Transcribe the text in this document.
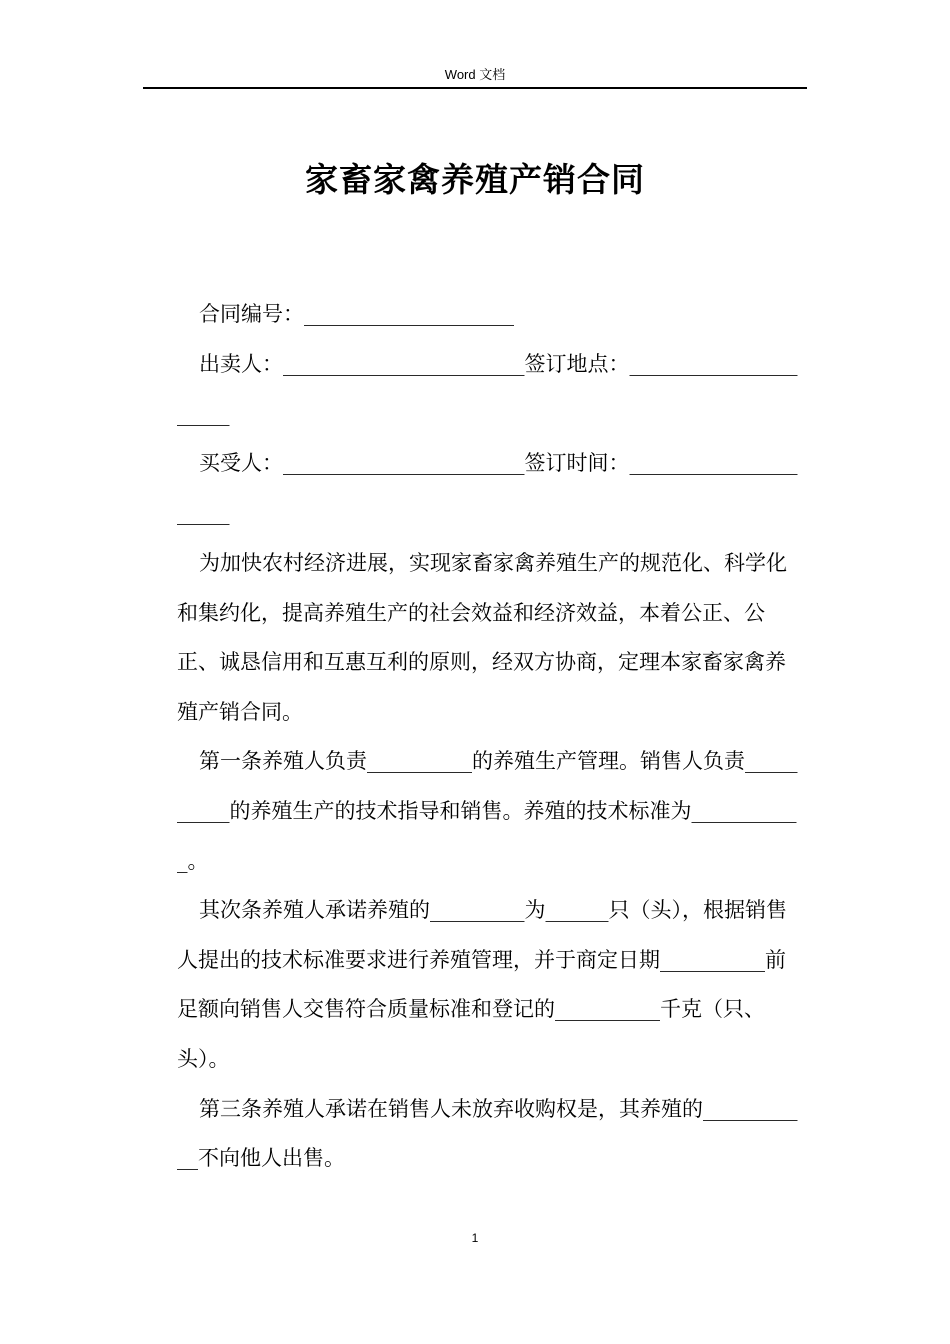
Word 文档
家畜家禽养殖产销合同

合同编号：____________________

出卖人：_______________________签订地点：_____________________

买受人：_______________________签订时间：_____________________

为加快农村经济进展，实现家畜家禽养殖生产的规范化、科学化和集约化，提高养殖生产的社会效益和经济效益，本着公正、公正、诚恳信用和互惠互利的原则，经双方协商，定理本家畜家禽养殖产销合同。

第一条养殖人负责__________的养殖生产管理。销售人负责__________的养殖生产的技术指导和销售。养殖的技术标准为___________。

其次条养殖人承诺养殖的_________为______只（头），根据销售人提出的技术标准要求进行养殖管理，并于商定日期__________前足额向销售人交售符合质量标准和登记的__________千克（只、头）。

第三条养殖人承诺在销售人未放弃收购权是，其养殖的___________不向他人出售。

1
